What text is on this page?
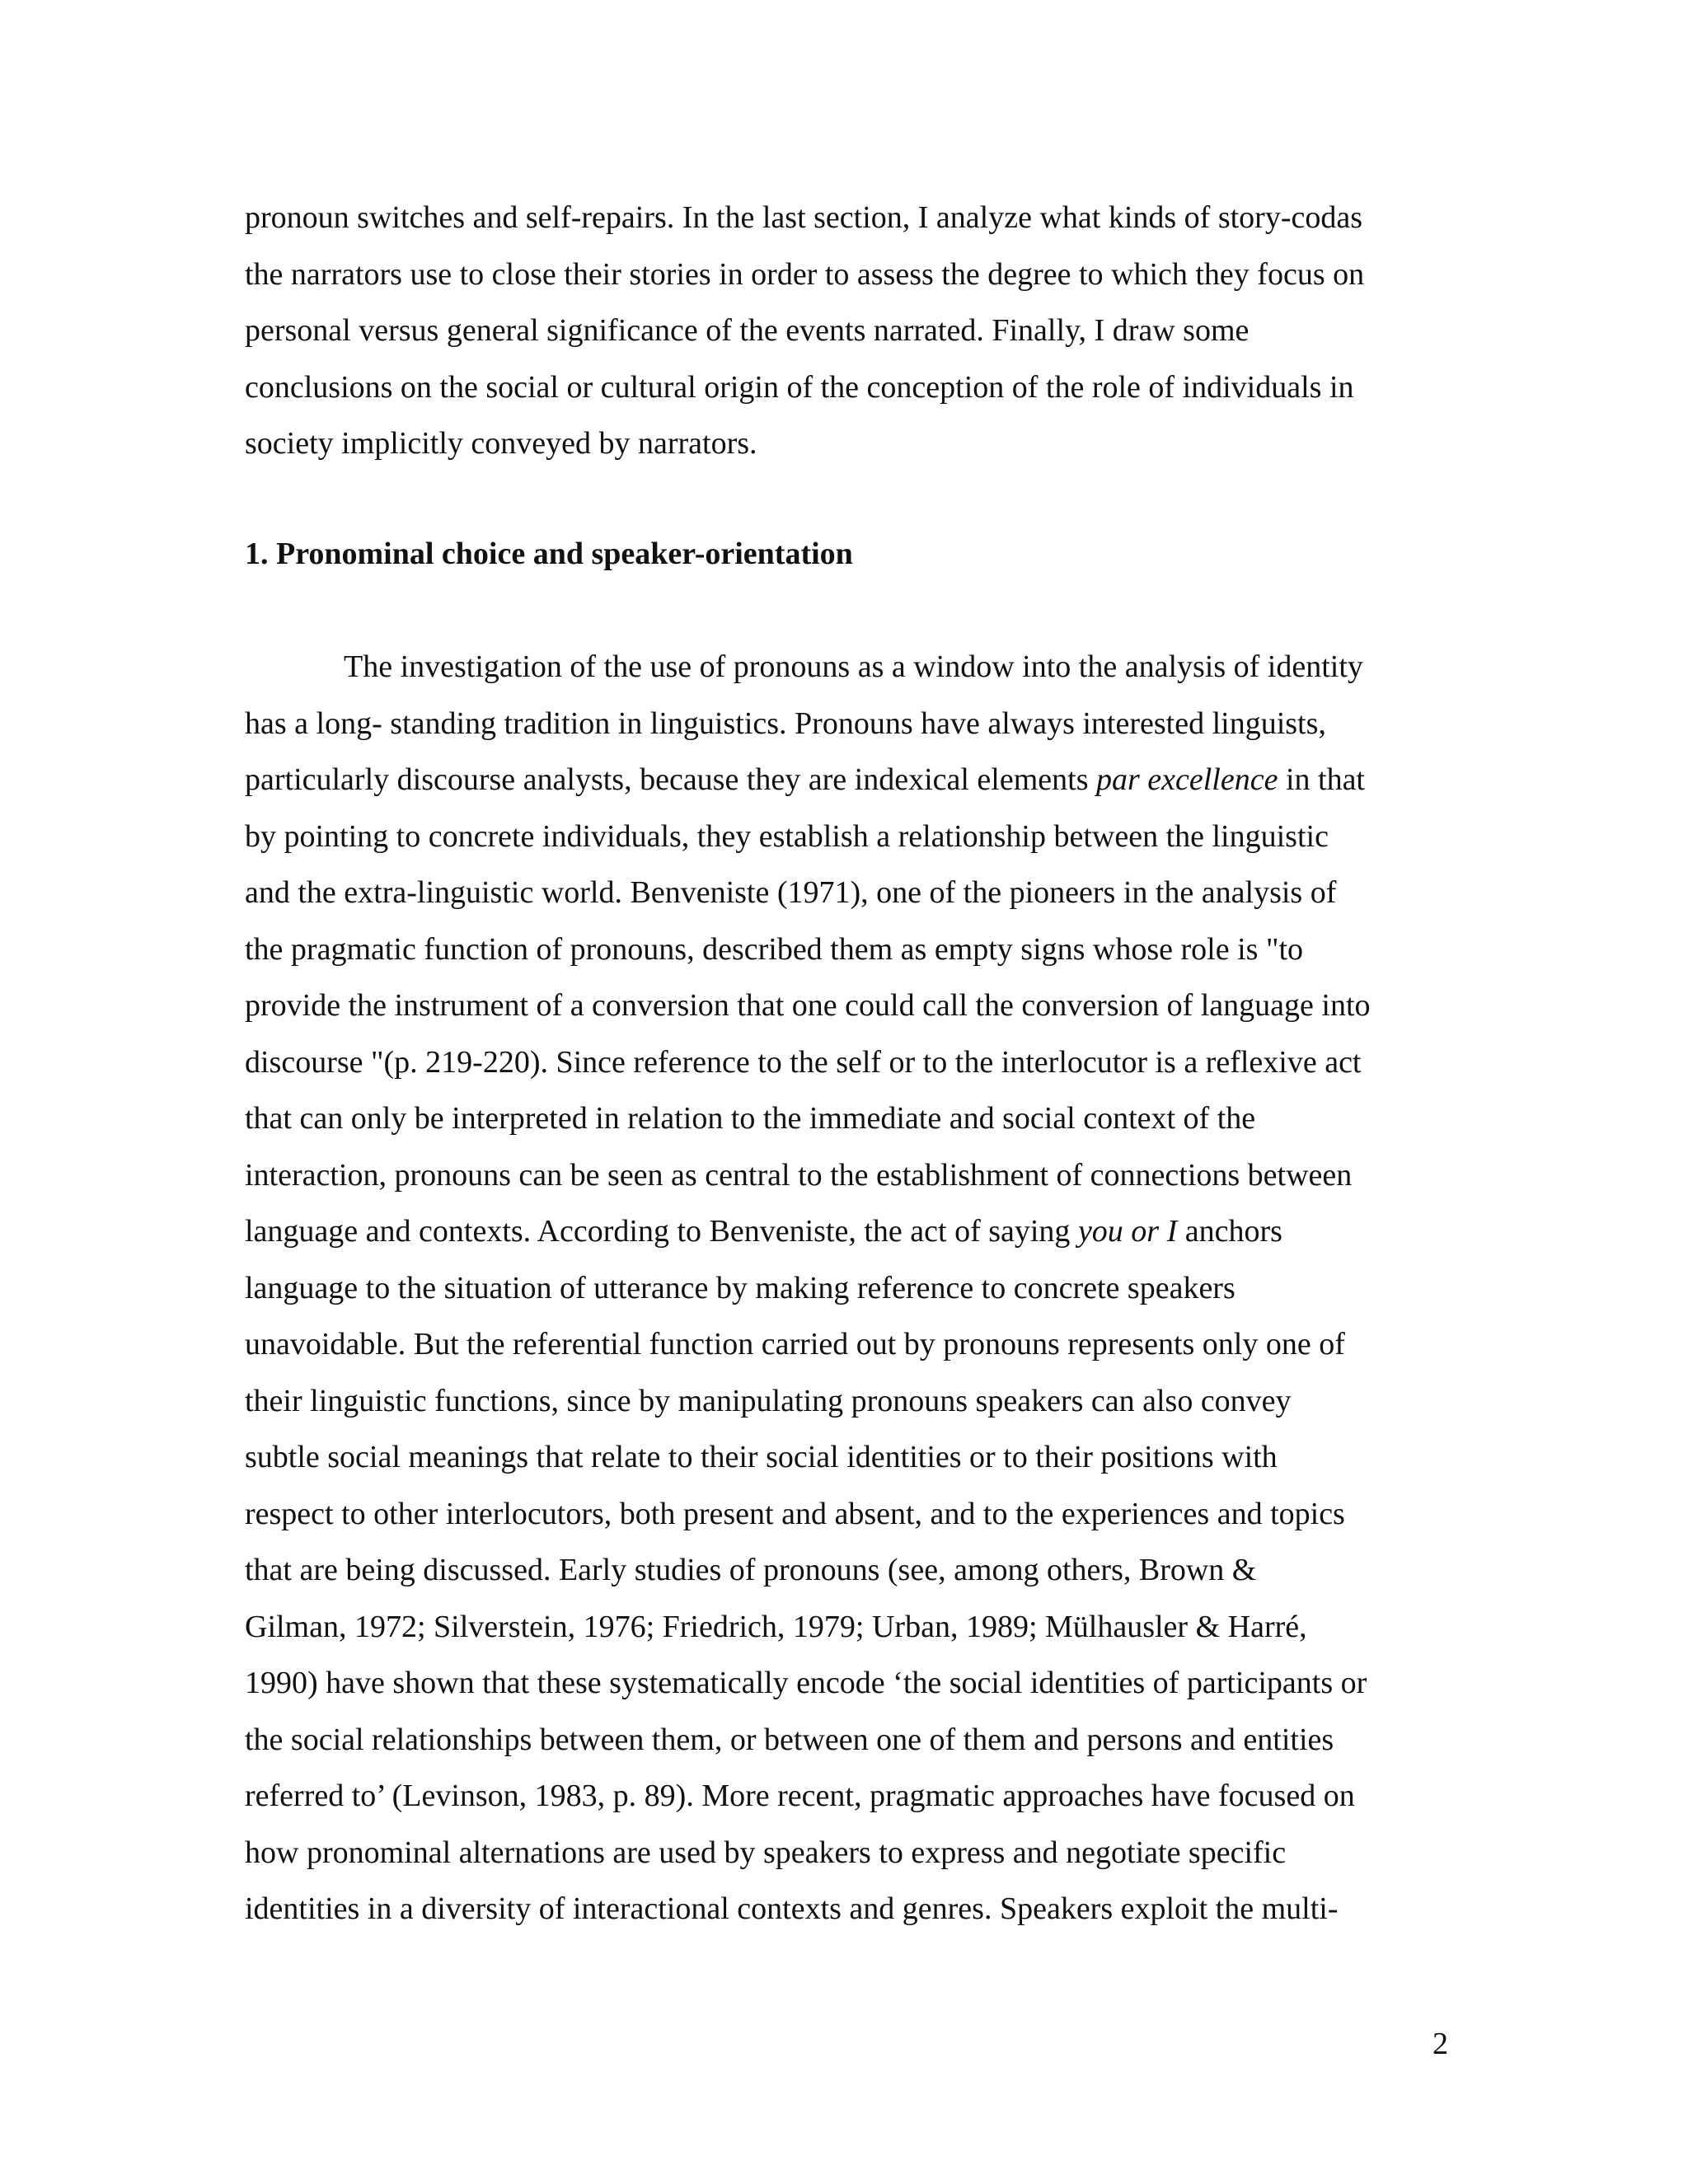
pronoun switches and self-repairs. In the last section, I analyze what kinds of story-codas
the narrators use to close their stories in order to assess the degree to which they focus on
personal versus general significance of the events narrated. Finally, I draw some
conclusions on the social or cultural origin of the conception of the role of individuals in
society implicitly conveyed by narrators.
1. Pronominal choice and speaker-orientation
The investigation of the use of pronouns as a window into the analysis of identity
has a long- standing tradition in linguistics. Pronouns have always interested linguists,
particularly discourse analysts, because they are indexical elements par excellence in that
by pointing to concrete individuals, they establish a relationship between the linguistic
and the extra-linguistic world. Benveniste (1971), one of the pioneers in the analysis of
the pragmatic function of pronouns, described them as empty signs whose role is "to
provide the instrument of a conversion that one could call the conversion of language into
discourse "(p. 219-220). Since reference to the self or to the interlocutor is a reflexive act
that can only be interpreted in relation to the immediate and social context of the
interaction, pronouns can be seen as central to the establishment of connections between
language and contexts. According to Benveniste, the act of saying you or I anchors
language to the situation of utterance by making reference to concrete speakers
unavoidable. But the referential function carried out by pronouns represents only one of
their linguistic functions, since by manipulating pronouns speakers can also convey
subtle social meanings that relate to their social identities or to their positions with
respect to other interlocutors, both present and absent, and to the experiences and topics
that are being discussed. Early studies of pronouns (see, among others, Brown &
Gilman, 1972; Silverstein, 1976; Friedrich, 1979; Urban, 1989; Mülhausler & Harré,
1990) have shown that these systematically encode ‘the social identities of participants or
the social relationships between them, or between one of them and persons and entities
referred to’ (Levinson, 1983, p. 89). More recent, pragmatic approaches have focused on
how pronominal alternations are used by speakers to express and negotiate specific
identities in a diversity of interactional contexts and genres. Speakers exploit the multi-
2
